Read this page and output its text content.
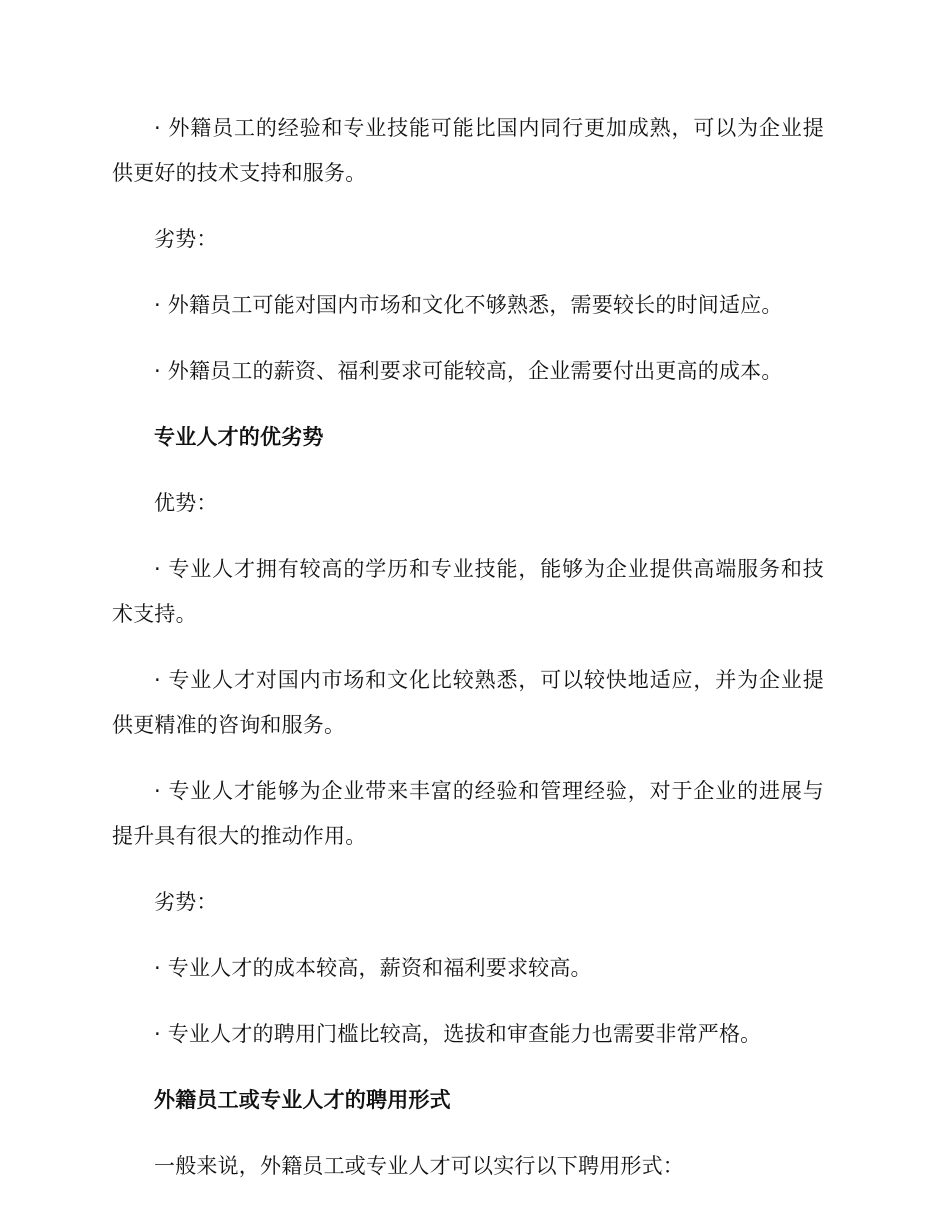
· 外籍员工的经验和专业技能可能比国内同行更加成熟，可以为企业提供更好的技术支持和服务。

劣势：

· 外籍员工可能对国内市场和文化不够熟悉，需要较长的时间适应。

· 外籍员工的薪资、福利要求可能较高，企业需要付出更高的成本。

专业人才的优劣势

优势：

· 专业人才拥有较高的学历和专业技能，能够为企业提供高端服务和技术支持。

· 专业人才对国内市场和文化比较熟悉，可以较快地适应，并为企业提供更精准的咨询和服务。

· 专业人才能够为企业带来丰富的经验和管理经验，对于企业的进展与提升具有很大的推动作用。

劣势：

· 专业人才的成本较高，薪资和福利要求较高。

· 专业人才的聘用门槛比较高，选拔和审查能力也需要非常严格。

外籍员工或专业人才的聘用形式

一般来说，外籍员工或专业人才可以实行以下聘用形式：
